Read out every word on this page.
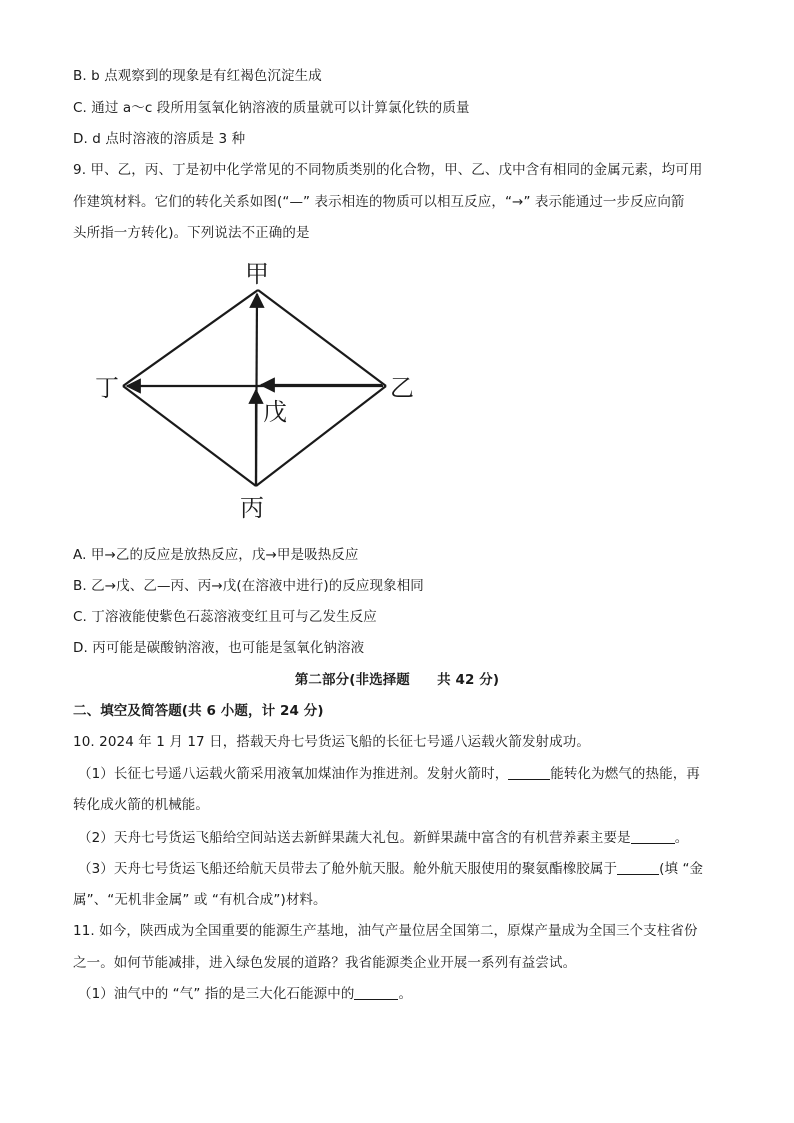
B. b 点观察到的现象是有红褐色沉淀生成
C. 通过 a～c 段所用氢氧化钠溶液的质量就可以计算氯化铁的质量
D. d 点时溶液的溶质是 3 种
9. 甲、乙，丙、丁是初中化学常见的不同物质类别的化合物，甲、乙、戊中含有相同的金属元素，均可用
作建筑材料。它们的转化关系如图(“—” 表示相连的物质可以相互反应，“→” 表示能通过一步反应向箭
头所指一方转化)。下列说法不正确的是
甲
丁	乙
丙
戊
A. 甲→乙的反应是放热反应，戊→甲是吸热反应
B. 乙→戊、乙—丙、丙→戊(在溶液中进行)的反应现象相同
C. 丁溶液能使紫色石蕊溶液变红且可与乙发生反应
D. 丙可能是碳酸钠溶液，也可能是氢氧化钠溶液
第二部分(非选择题　　共 42 分)
二、填空及简答题(共 6 小题，计 24 分)
10. 2024 年 1 月 17 日，搭载天舟七号货运飞船的长征七号遥八运载火箭发射成功。
（1）长征七号遥八运载火箭采用液氧加煤油作为推进剂。发射火箭时，	能转化为燃气的热能，再
转化成火箭的机械能。
（2）天舟七号货运飞船给空间站送去新鲜果蔬大礼包。新鲜果蔬中富含的有机营养素主要是	。
（3）天舟七号货运飞船还给航天员带去了舱外航天服。舱外航天服使用的聚氨酯橡胶属于	(填 “金
属”、“无机非金属” 或 “有机合成”)材料。
11. 如今，陕西成为全国重要的能源生产基地，油气产量位居全国第二，原煤产量成为全国三个支柱省份
之一。如何节能减排，进入绿色发展的道路？我省能源类企业开展一系列有益尝试。
（1）油气中的 “气” 指的是三大化石能源中的	。
